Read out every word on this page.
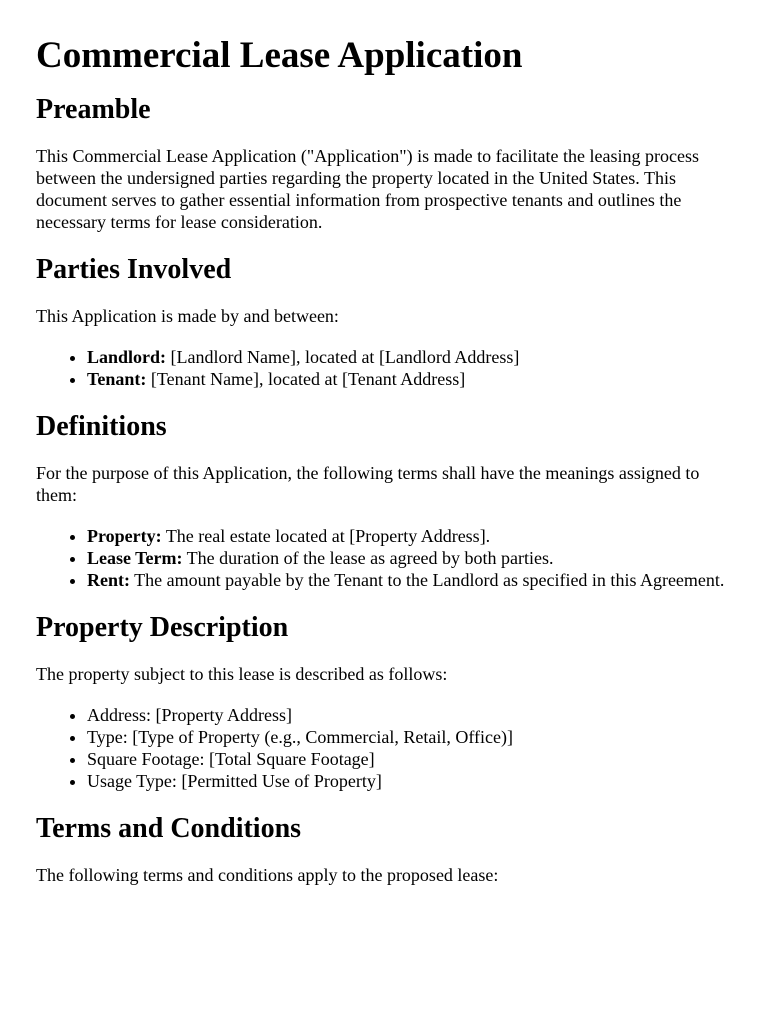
Commercial Lease Application
Preamble

This Commercial Lease Application ("Application") is made to facilitate the leasing process between the undersigned parties regarding the property located in the United States. This document serves to gather essential information from prospective tenants and outlines the necessary terms for lease consideration.

Parties Involved

This Application is made by and between:

• Landlord: [Landlord Name], located at [Landlord Address]
• Tenant: [Tenant Name], located at [Tenant Address]
Definitions

For the purpose of this Application, the following terms shall have the meanings assigned to them:

• Property: The real estate located at [Property Address].
• Lease Term: The duration of the lease as agreed by both parties.
• Rent: The amount payable by the Tenant to the Landlord as specified in this Agreement.
Property Description

The property subject to this lease is described as follows:

• Address: [Property Address]
• Type: [Type of Property (e.g., Commercial, Retail, Office)]
• Square Footage: [Total Square Footage]
• Usage Type: [Permitted Use of Property]
Terms and Conditions

The following terms and conditions apply to the proposed lease:
